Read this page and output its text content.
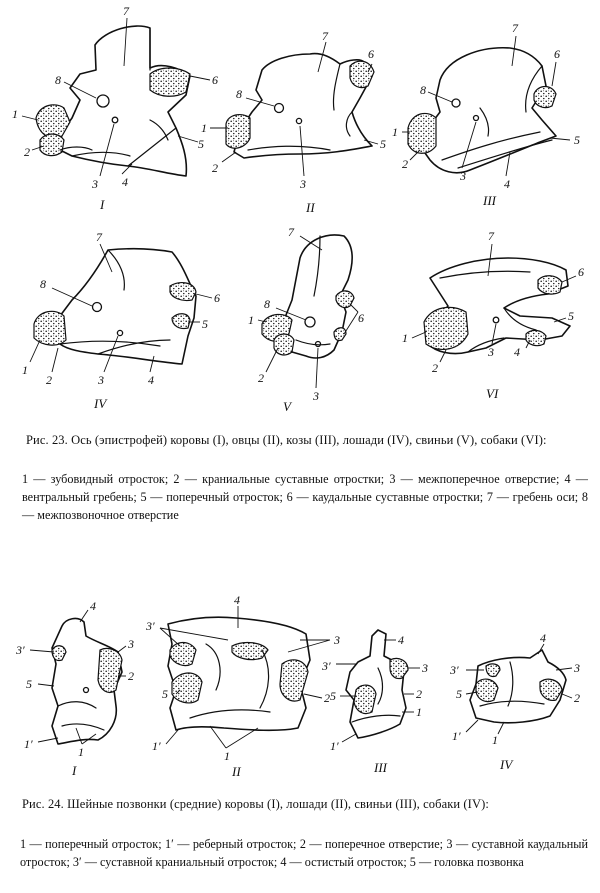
7
8	6
1
2
5
3 4
I
7
8
6
1
2
5
3
II
7
8
6
1
2
5
3
4
III
7
8
6
5
1
2	3	4
IV
7
8
6
1
2
3
V
7
6
5
1
2
3 4
VI
4
3′	3
5
2
1′
1
I
4
3′
3
5	2
1′
1
II
4
3′	3
5	2
1′
1
III
4
3′	3
5	2
1′	1
IV

Рис. 23. Ось (эпистрофей) коровы (I), овцы (II), козы (III), лошади (IV), свиньи (V), собаки (VI):

1 — зубовидный отросток; 2 — краниальные суставные отростки; 3 — межпоперечное отверстие; 4 — вентральный гребень; 5 — поперечный отросток; 6 — каудальные суставные отростки; 7 — гребень оси; 8 — межпозвоночное отверстие

Рис. 24. Шейные позвонки (средние) коровы (I), лошади (II), свиньи (III), собаки (IV):

1 — поперечный отросток; 1′ — реберный отросток; 2 — поперечное отверстие; 3 — суставной каудальный отросток; 3′ — суставной краниальный отросток; 4 — остистый отросток; 5 — головка позвонка
